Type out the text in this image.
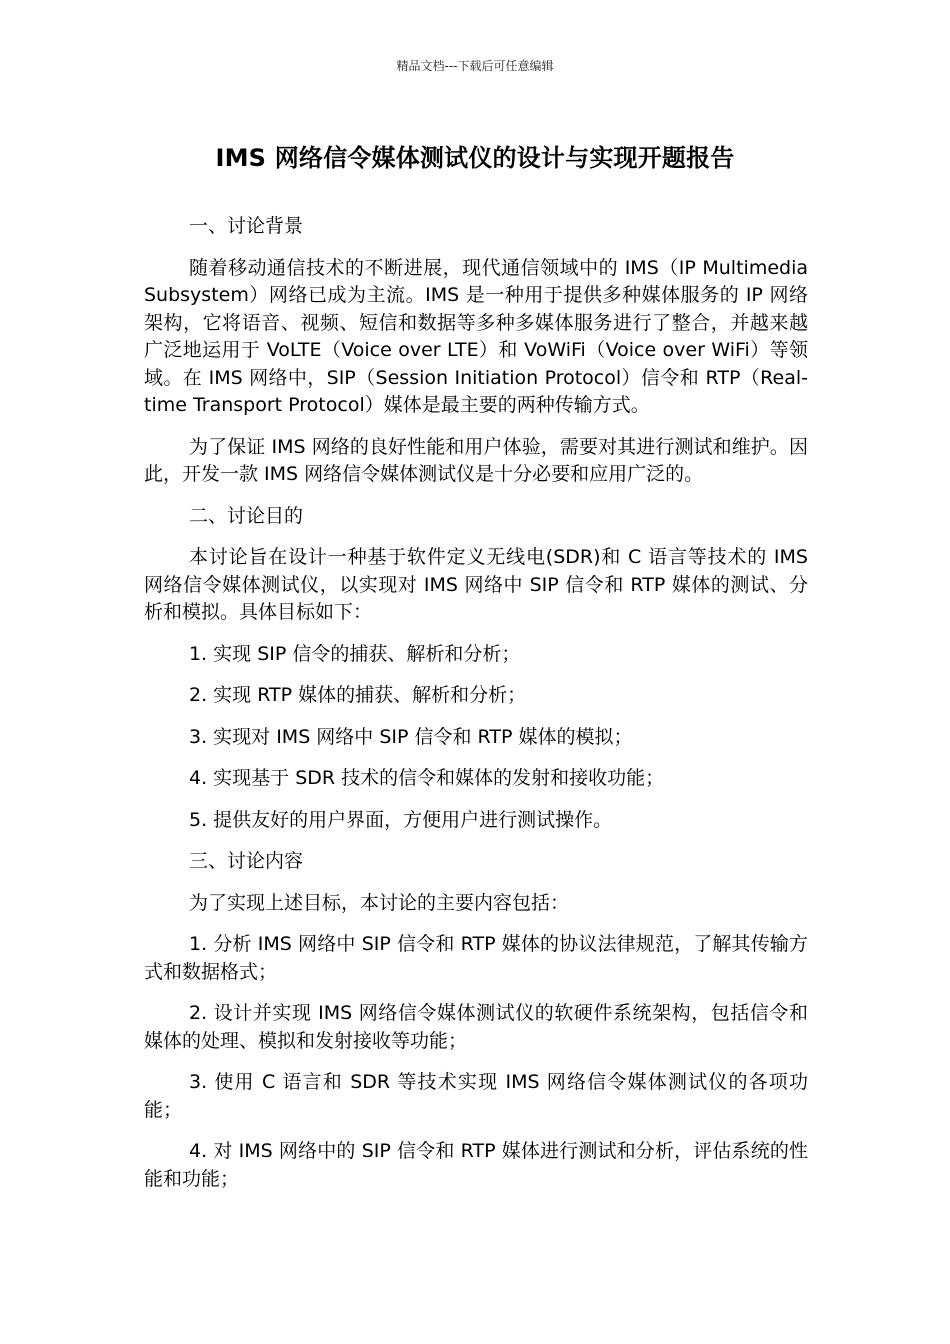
精品文档---下载后可任意编辑
IMS 网络信令媒体测试仪的设计与实现开题报告

一、讨论背景

随着移动通信技术的不断进展，现代通信领域中的 IMS（IP Multimedia Subsystem）网络已成为主流。IMS 是一种用于提供多种媒体服务的 IP 网络架构，它将语音、视频、短信和数据等多种多媒体服务进行了整合，并越来越广泛地运用于 VoLTE（Voice over LTE）和 VoWiFi（Voice over WiFi）等领域。在 IMS 网络中，SIP（Session Initiation Protocol）信令和 RTP（Real-time Transport Protocol）媒体是最主要的两种传输方式。

为了保证 IMS 网络的良好性能和用户体验，需要对其进行测试和维护。因此，开发一款 IMS 网络信令媒体测试仪是十分必要和应用广泛的。

二、讨论目的

本讨论旨在设计一种基于软件定义无线电(SDR)和 C 语言等技术的 IMS 网络信令媒体测试仪，以实现对 IMS 网络中 SIP 信令和 RTP 媒体的测试、分析和模拟。具体目标如下：

1. 实现 SIP 信令的捕获、解析和分析；

2. 实现 RTP 媒体的捕获、解析和分析；

3. 实现对 IMS 网络中 SIP 信令和 RTP 媒体的模拟；

4. 实现基于 SDR 技术的信令和媒体的发射和接收功能；

5. 提供友好的用户界面，方便用户进行测试操作。

三、讨论内容

为了实现上述目标，本讨论的主要内容包括：

1. 分析 IMS 网络中 SIP 信令和 RTP 媒体的协议法律规范，了解其传输方式和数据格式；

2. 设计并实现 IMS 网络信令媒体测试仪的软硬件系统架构，包括信令和媒体的处理、模拟和发射接收等功能；

3. 使用 C 语言和 SDR 等技术实现 IMS 网络信令媒体测试仪的各项功能；

4. 对 IMS 网络中的 SIP 信令和 RTP 媒体进行测试和分析，评估系统的性能和功能；
